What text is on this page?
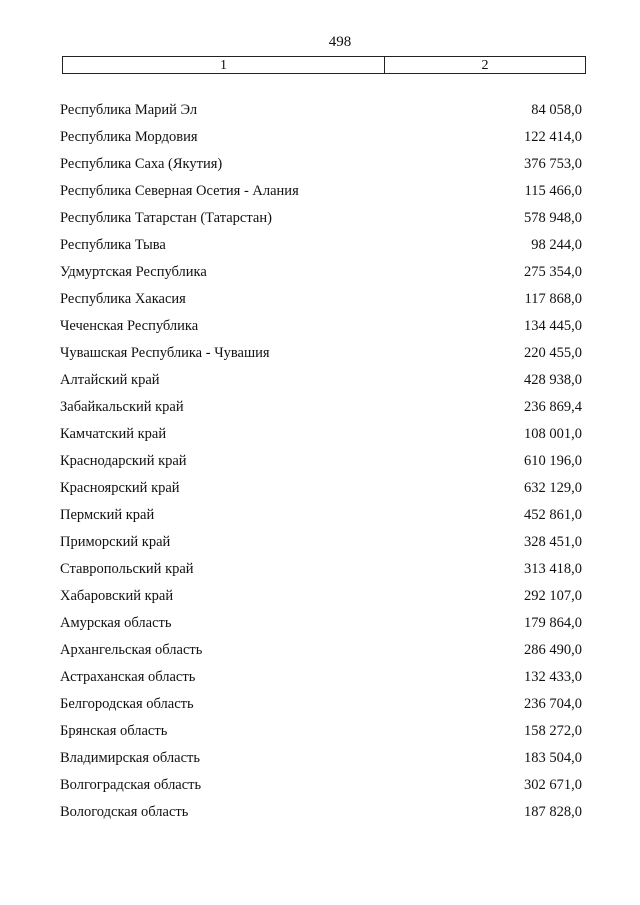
498
1	2
Республика Марий Эл	84 058,0
Республика Мордовия	122 414,0
Республика Саха (Якутия)	376 753,0
Республика Северная Осетия - Алания	115 466,0
Республика Татарстан (Татарстан)	578 948,0
Республика Тыва	98 244,0
Удмуртская Республика	275 354,0
Республика Хакасия	117 868,0
Чеченская Республика	134 445,0
Чувашская Республика - Чувашия	220 455,0
Алтайский край	428 938,0
Забайкальский край	236 869,4
Камчатский край	108 001,0
Краснодарский край	610 196,0
Красноярский край	632 129,0
Пермский край	452 861,0
Приморский край	328 451,0
Ставропольский край	313 418,0
Хабаровский край	292 107,0
Амурская область	179 864,0
Архангельская область	286 490,0
Астраханская область	132 433,0
Белгородская область	236 704,0
Брянская область	158 272,0
Владимирская область	183 504,0
Волгоградская область	302 671,0
Вологодская область	187 828,0
